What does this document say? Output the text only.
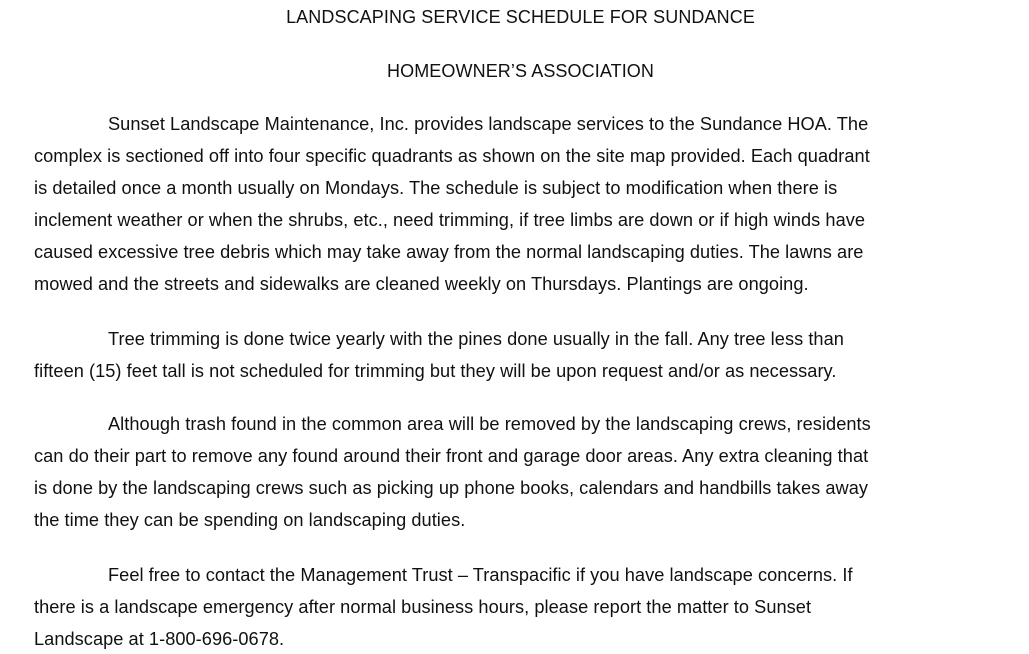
LANDSCAPING SERVICE SCHEDULE FOR SUNDANCE
HOMEOWNER’S ASSOCIATION
Sunset Landscape Maintenance, Inc. provides landscape services to the Sundance HOA. The
complex is sectioned off into four specific quadrants as shown on the site map provided. Each quadrant
is detailed once a month usually on Mondays. The schedule is subject to modification when there is
inclement weather or when the shrubs, etc., need trimming, if tree limbs are down or if high winds have
caused excessive tree debris which may take away from the normal landscaping duties. The lawns are
mowed and the streets and sidewalks are cleaned weekly on Thursdays. Plantings are ongoing.
Tree trimming is done twice yearly with the pines done usually in the fall. Any tree less than
fifteen (15) feet tall is not scheduled for trimming but they will be upon request and/or as necessary.
Although trash found in the common area will be removed by the landscaping crews, residents
can do their part to remove any found around their front and garage door areas. Any extra cleaning that
is done by the landscaping crews such as picking up phone books, calendars and handbills takes away
the time they can be spending on landscaping duties.
Feel free to contact the Management Trust – Transpacific if you have landscape concerns. If
there is a landscape emergency after normal business hours, please report the matter to Sunset
Landscape at 1-800-696-0678.
